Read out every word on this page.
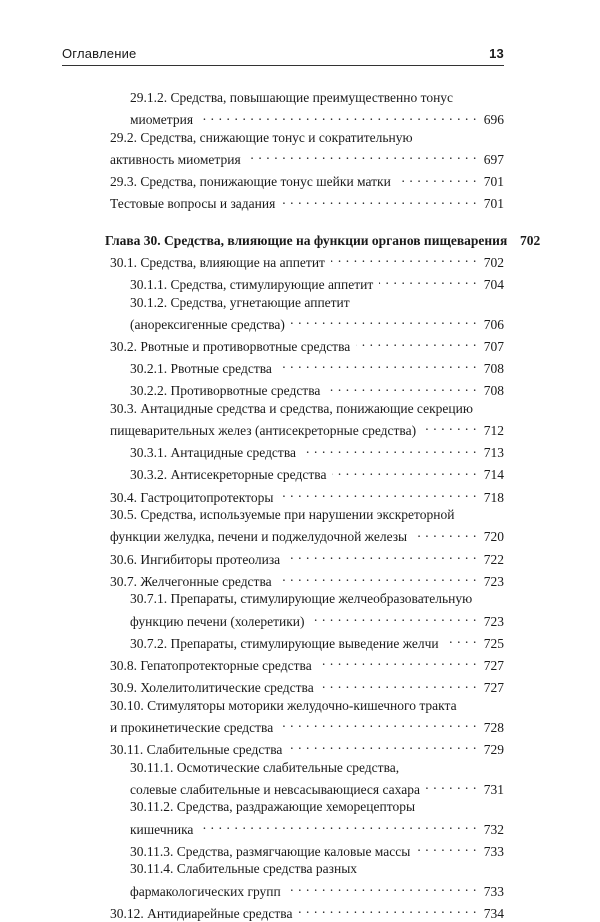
Оглавление	13
29.1.2. Средства, повышающие преимущественно тонус
миометрия . . .	696
29.2. Средства, снижающие тонус и сократительную
активность миометрия . . .	697
29.3. Средства, понижающие тонус шейки матки . . .	701
Тестовые вопросы и задания . . .	701
Глава 30. Средства, влияющие на функции органов пищеварения 702
30.1. Средства, влияющие на аппетит . . .	702
30.1.1. Средства, стимулирующие аппетит . . .	704
30.1.2. Средства, угнетающие аппетит
(анорексигенные средства) . . .	706
30.2. Рвотные и противорвотные средства . . .	707
30.2.1. Рвотные средства . . .	708
30.2.2. Противорвотные средства . . .	708
30.3. Антацидные средства и средства, понижающие секрецию
пищеварительных желез (антисекреторные средства) . . .	712
30.3.1. Антацидные средства . . .	713
30.3.2. Антисекреторные средства . . .	714
30.4. Гастроцитопротекторы . . .	718
30.5. Средства, используемые при нарушении экскреторной
функции желудка, печени и поджелудочной железы . . .	720
30.6. Ингибиторы протеолиза . . .	722
30.7. Желчегонные средства . . .	723
30.7.1. Препараты, стимулирующие желчеобразовательную
функцию печени (холеретики) . . .	723
30.7.2. Препараты, стимулирующие выведение желчи . . .	725
30.8. Гепатопротекторные средства . . .	727
30.9. Холелитолитические средства . . .	727
30.10. Стимуляторы моторики желудочно-кишечного тракта
и прокинетические средства . . .	728
30.11. Слабительные средства . . .	729
30.11.1. Осмотические слабительные средства,
солевые слабительные и невсасывающиеся сахара . . .	731
30.11.2. Средства, раздражающие хеморецепторы
кишечника . . .	732
30.11.3. Средства, размягчающие каловые массы . . .	733
30.11.4. Слабительные средства разных
фармакологических групп . . .	733
30.12. Антидиарейные средства . . .	734
